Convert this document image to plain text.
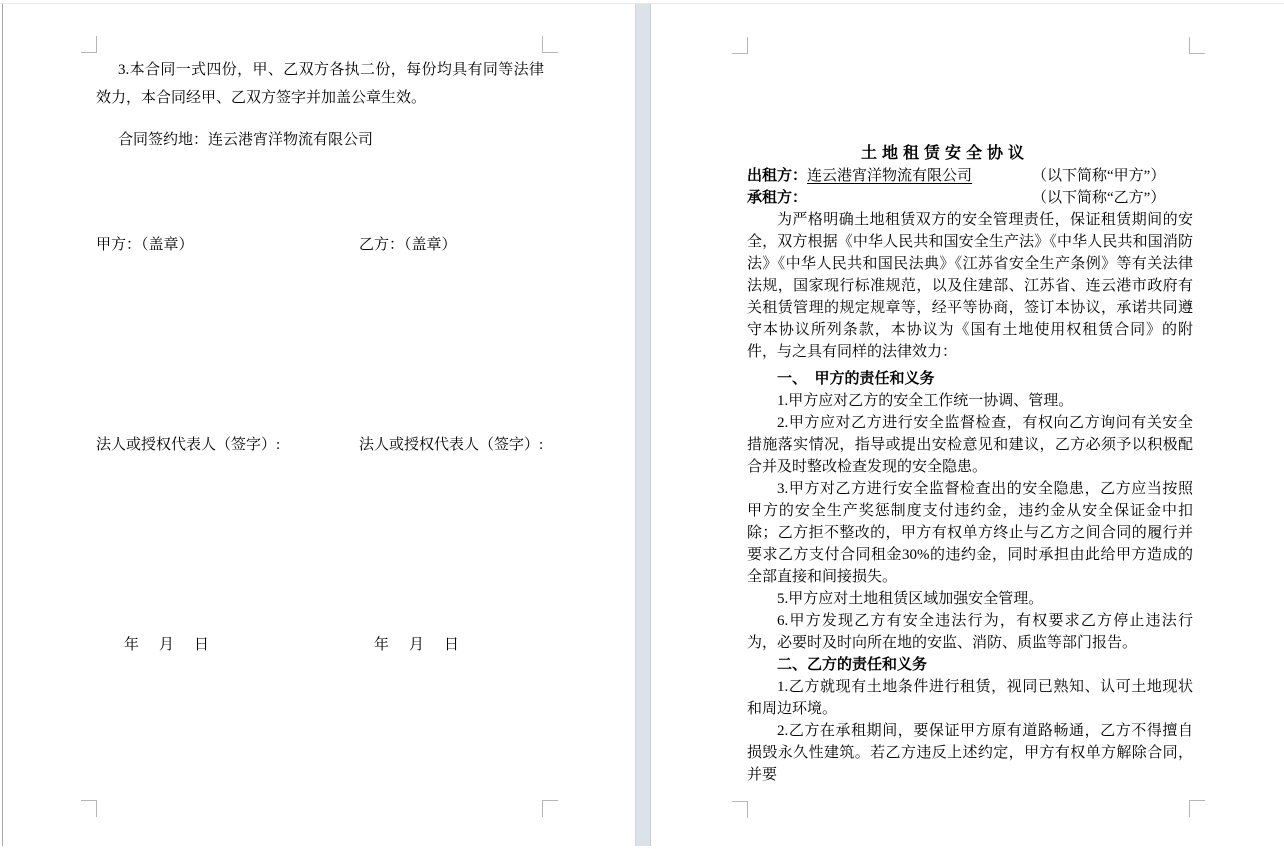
3.本合同一式四份，甲、乙双方各执二份，每份均具有同等法律效力，本合同经甲、乙双方签字并加盖公章生效。

合同签约地：连云港宵洋物流有限公司

甲方：（盖章）	乙方：（盖章）

法人或授权代表人（签字）:	法人或授权代表人（签字）:

年　月　日	年　月　日

土地租赁安全协议

出租方：连云港宵洋物流有限公司	（以下简称“甲方”）

承租方：	（以下简称“乙方”）

为严格明确土地租赁双方的安全管理责任，保证租赁期间的安全，双方根据《中华人民共和国安全生产法》《中华人民共和国消防法》《中华人民共和国民法典》《江苏省安全生产条例》等有关法律法规，国家现行标准规范，以及住建部、江苏省、连云港市政府有关租赁管理的规定规章等，经平等协商，签订本协议，承诺共同遵守本协议所列条款，本协议为《国有土地使用权租赁合同》的附件，与之具有同样的法律效力：

一、　甲方的责任和义务

1.甲方应对乙方的安全工作统一协调、管理。

2.甲方应对乙方进行安全监督检查，有权向乙方询问有关安全措施落实情况，指导或提出安检意见和建议，乙方必须予以积极配合并及时整改检查发现的安全隐患。

3.甲方对乙方进行安全监督检查出的安全隐患，乙方应当按照甲方的安全生产奖惩制度支付违约金，违约金从安全保证金中扣除；乙方拒不整改的，甲方有权单方终止与乙方之间合同的履行并要求乙方支付合同租金30%的违约金，同时承担由此给甲方造成的全部直接和间接损失。

5.甲方应对土地租赁区域加强安全管理。

6.甲方发现乙方有安全违法行为，有权要求乙方停止违法行为，必要时及时向所在地的安监、消防、质监等部门报告。

二、乙方的责任和义务

1.乙方就现有土地条件进行租赁，视同已熟知、认可土地现状和周边环境。

2.乙方在承租期间，要保证甲方原有道路畅通，乙方不得擅自损毁永久性建筑。若乙方违反上述约定，甲方有权单方解除合同，并要
